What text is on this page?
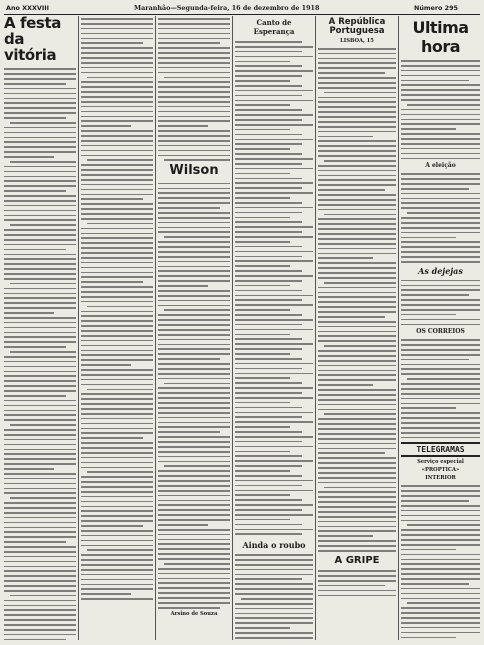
Ano XXXVIII	Maranhão—Segunda-feira, 16 de dezembro de 1918	Número 295
A festa da vitória
Wilson
Arsino de Souza
Canto de Esperança
Ainda o roubo
A República Portuguesa
LISBOA, 15
A GRIPE
Ultima hora
A eleição
As dejejas
OS CORREIOS
TELEGRAMAS
Serviço especial
«PROPTICA»
INTERIOR
